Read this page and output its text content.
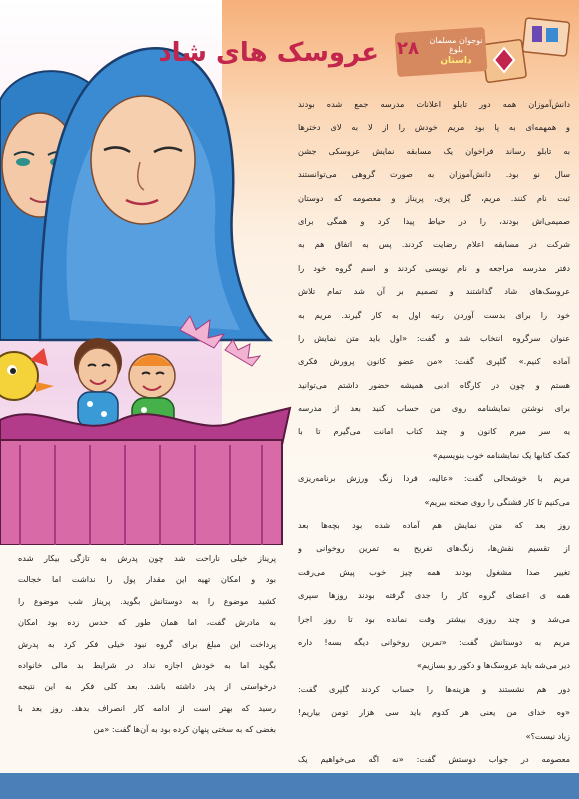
۲۸	نوجوان مسلمان بلوغ
داستان
عروسک های شاد
دانش‌آموزان همه دور تابلو اعلانات مدرسه جمع شده بودند
و همهمه‌ای به پا بود مریم خودش را از لا به لای دخترها
به تابلو رساند فراخوان یک مسابقه نمایش عروسکی جشن
سال نو بود. دانش‌آموزان به صورت گروهی می‌توانستند
ثبت نام کنند. مریم، گل پری، پریناز و معصومه که دوستان
صمیمی‌اش بودند، را در حیاط پیدا کرد و همگی برای
شرکت در مسابقه اعلام رضایت کردند. پس به اتفاق هم به
دفتر مدرسه مراجعه و نام نویسی کردند و اسم گروه خود را
عروسک‌های شاد گذاشتند و تصمیم بر آن شد تمام تلاش
خود را برای بدست آوردن رتبه اول به کار گیرند. مریم به
عنوان سرگروه انتخاب شد و گفت: «اول باید متن نمایش را
آماده کنیم.» گلپری گفت: «من عضو کانون پرورش فکری
هستم و چون در کارگاه ادبی همیشه حضور داشتم می‌توانید
برای نوشتن نمایشنامه روی من حساب کنید بعد از مدرسه
یه سر میرم کانون و چند کتاب امانت می‌گیرم تا با
کمک کتابها یک نمایشنامه خوب بنویسیم»
مریم با خوشحالی گفت: «عالیه، فردا زنگ ورزش برنامه‌ریزی
می‌کنیم تا کار قشنگی را روی صحنه ببریم»
روز بعد که متن نمایش هم آماده شده بود بچه‌ها بعد
از تقسیم نقش‌ها، زنگ‌های تفریح به تمرین روخوانی و
تغییر صدا مشغول بودند همه چیز خوب پیش می‌رفت
همه ی اعضای گروه کار را جدی گرفته بودند روزها سپری
می‌شد و چند روزی بیشتر وقت نمانده بود تا روز اجرا
مریم به دوستانش گفت: «تمرین روخوانی دیگه بسه! داره
دیر می‌شه باید عروسک‌ها و دکور رو بسازیم»
دور هم نشستند و هزینه‌ها را حساب کردند گلپری گفت:
«وه خدای من یعنی هر کدوم باید سی هزار تومن بیاریم!
زیاد نیست؟»
معصومه در جواب دوستش گفت: «نه اگه می‌خواهیم یک
پریناز خیلی ناراحت شد چون پدرش به تازگی بیکار شده
بود و امکان تهیه این مقدار پول را نداشت اما خجالت
کشید موضوع را به دوستانش بگوید. پریناز شب موضوع را
به مادرش گفت، اما همان طور که حدس زده بود امکان
پرداخت این مبلغ برای گروه نبود خیلی فکر کرد به پدرش
بگوید اما به خودش اجازه نداد در شرایط بد مالی خانواده
درخواستی از پدر داشته باشد. بعد کلی فکر به این نتیجه
رسید که بهتر است از ادامه کار انصراف بدهد. روز بعد با
بغضی که به سختی پنهان کرده بود به آن‌ها گفت: «من
